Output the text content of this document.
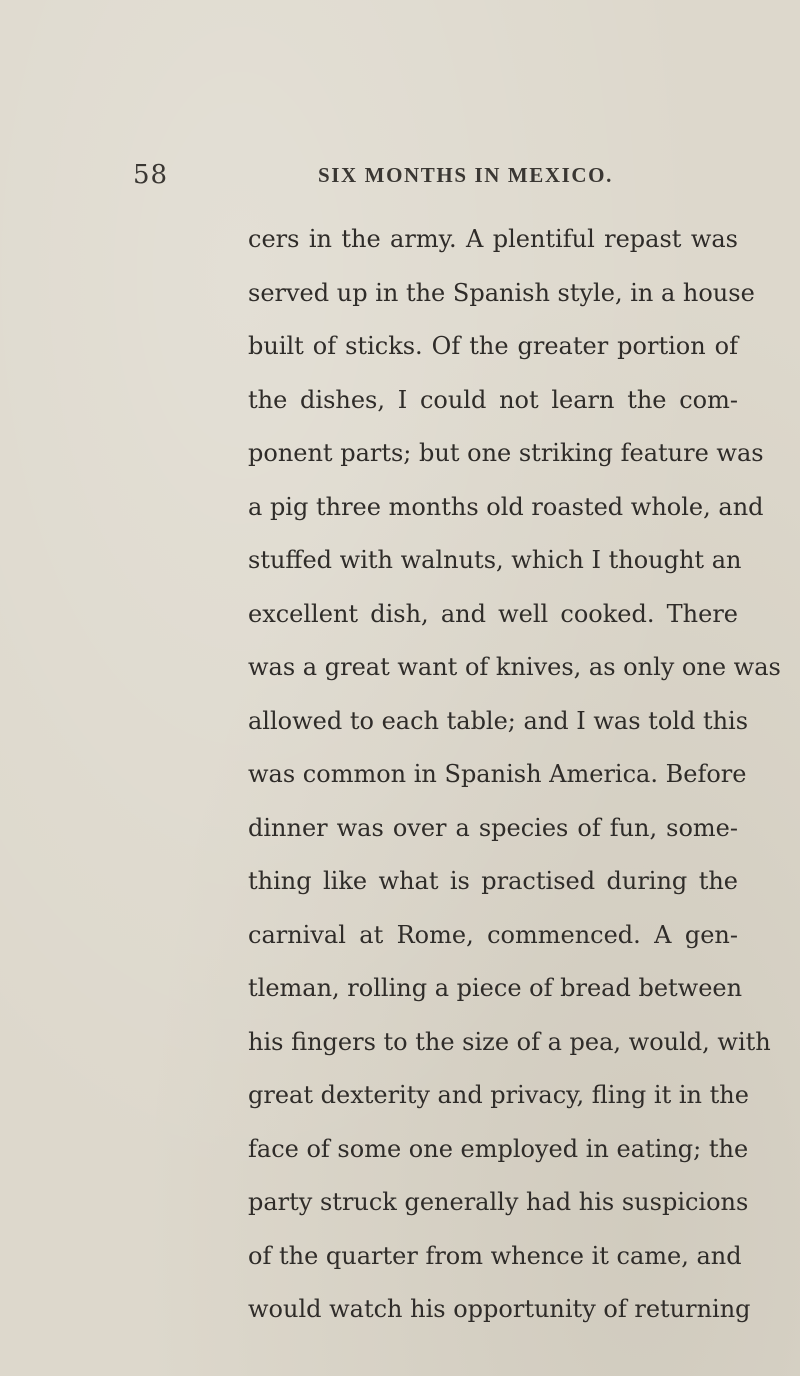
58	SIX MONTHS IN MEXICO.
cers in the army. A plentiful repast was
served up in the Spanish style, in a house
built of sticks. Of the greater portion of
the dishes, I could not learn the com-
ponent parts; but one striking feature was
a pig three months old roasted whole, and
stuffed with walnuts, which I thought an
excellent dish, and well cooked. There
was a great want of knives, as only one was
allowed to each table; and I was told this
was common in Spanish America. Before
dinner was over a species of fun, some-
thing like what is practised during the
carnival at Rome, commenced. A gen-
tleman, rolling a piece of bread between
his fingers to the size of a pea, would, with
great dexterity and privacy, fling it in the
face of some one employed in eating; the
party struck generally had his suspicions
of the quarter from whence it came, and
would watch his opportunity of returning
